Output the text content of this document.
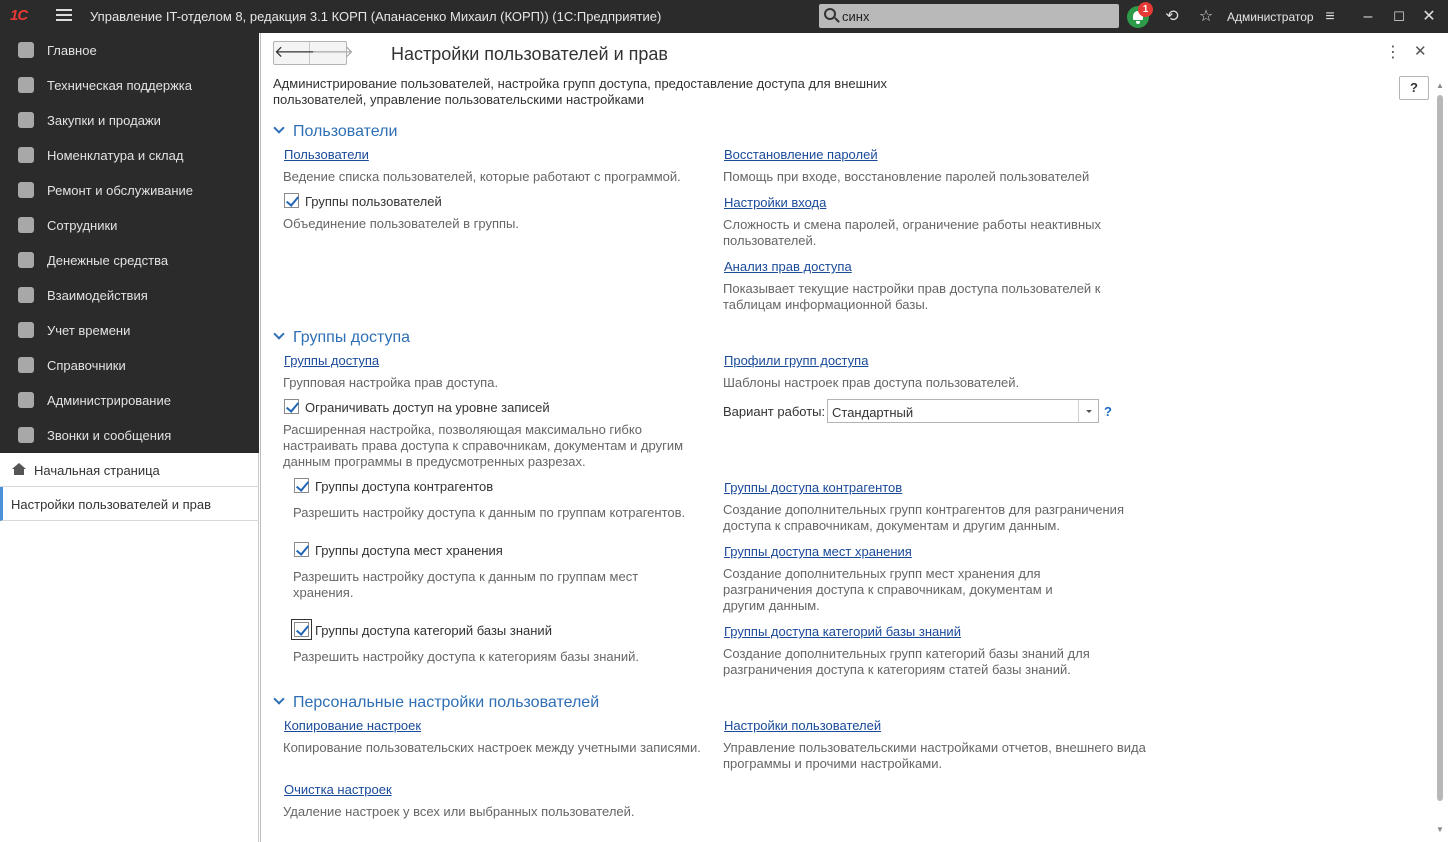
1С	Управление IT-отделом 8, редакция 3.1 КОРП (Апанасенко Михаил (КОРП)) (1С:Предприятие)
синх	1 ⟲ ☆ Администратор ≡ –	☐ ✕
Главное
Техническая поддержка
Закупки и продажи
Номенклатура и склад
Ремонт и обслуживание
Сотрудники
Денежные средства
Взаимодействия
Учет времени
Справочники
Администрирование
Звонки и сообщения
Начальная страница
Настройки пользователей и прав
🡐
🡒 Настройки пользователей и прав	⋮ ✕
?	▲
▼
Администрирование пользователей, настройка групп доступа, предоставление доступа для внешних пользователей, управление пользовательскими настройками
Пользователи
Пользователи
Ведение списка пользователей, которые работают с программой.
Группы пользователей
Объединение пользователей в группы.
Восстановление паролей
Помощь при входе, восстановление паролей пользователей
Настройки входа
Сложность и смена паролей, ограничение работы неактивных пользователей.
Анализ прав доступа
Показывает текущие настройки прав доступа пользователей к таблицам информационной базы.
Группы доступа
Группы доступа
Групповая настройка прав доступа.
Ограничивать доступ на уровне записей
Расширенная настройка, позволяющая максимально гибко настраивать права доступа к справочникам, документам и другим данным программы в предусмотренных разрезах.
Профили групп доступа
Шаблоны настроек прав доступа пользователей.
Вариант работы: Стандартный	?
Группы доступа контрагентов
Разрешить настройку доступа к данным по группам котрагентов.
Группы доступа контрагентов
Создание дополнительных групп контрагентов для разграничения доступа к справочникам, документам и другим данным.
Группы доступа мест хранения
Разрешить настройку доступа к данным по группам мест хранения.
Группы доступа мест хранения
Создание дополнительных групп мест хранения для разграничения доступа к справочникам, документам и другим данным.
Группы доступа категорий базы знаний
Разрешить настройку доступа к категориям базы знаний.
Группы доступа категорий базы знаний
Создание дополнительных групп категорий базы знаний для разграничения доступа к категориям статей базы знаний.
Персональные настройки пользователей
Копирование настроек
Копирование пользовательских настроек между учетными записями.
Очистка настроек
Удаление настроек у всех или выбранных пользователей.
Настройки пользователей
Управление пользовательскими настройками отчетов, внешнего вида программы и прочими настройками.
